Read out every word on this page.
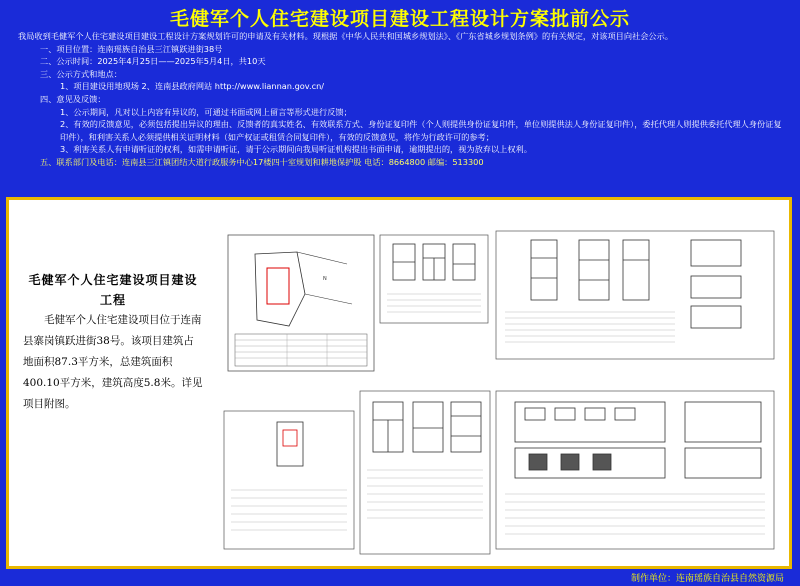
毛健军个人住宅建设项目建设工程设计方案批前公示
我局收到毛健军个人住宅建设项目建设工程设计方案规划许可的申请及有关材料。现根据《中华人民共和国城乡规划法》、《广东省城乡规划条例》的有关规定，对该项目向社会公示。
一、项目位置：连南瑶族自治县三江镇跃进街38号
二、公示时间：2025年4月25日——2025年5月4日，共10天
三、公示方式和地点：
1、项目建设用地现场 2、连南县政府网站 http://www.liannan.gov.cn/
四、意见及反馈：
1、公示期间，凡对以上内容有异议的，可通过书面或网上留言等形式进行反馈；
2、有效的反馈意见，必须包括提出异议的理由、反馈者的真实姓名、有效联系方式、身份证复印件（个人则提供身份证复印件，单位则提供法人身份证复印件），委托代理人则提供委托代理人身份证复印件），和利害关系人必须提供相关证明材料（如产权证或租赁合同复印件），有效的反馈意见，将作为行政许可的参考；
3、利害关系人有申请听证的权利，如需申请听证，请于公示期间向我局听证机构提出书面申请，逾期提出的，视为放弃以上权利。
五、联系部门及电话：连南县三江镇团结大道行政服务中心17楼四十室规划和耕地保护股 电话：8664800 邮编：513300
毛健军个人住宅建设项目建设工程
毛健军个人住宅建设项目位于连南县寨岗镇跃进街38号。该项目建筑占地面积87.3平方米，总建筑面积400.10平方米，建筑高度5.8米。详见项目附图。
N
制作单位：连南瑶族自治县自然资源局
